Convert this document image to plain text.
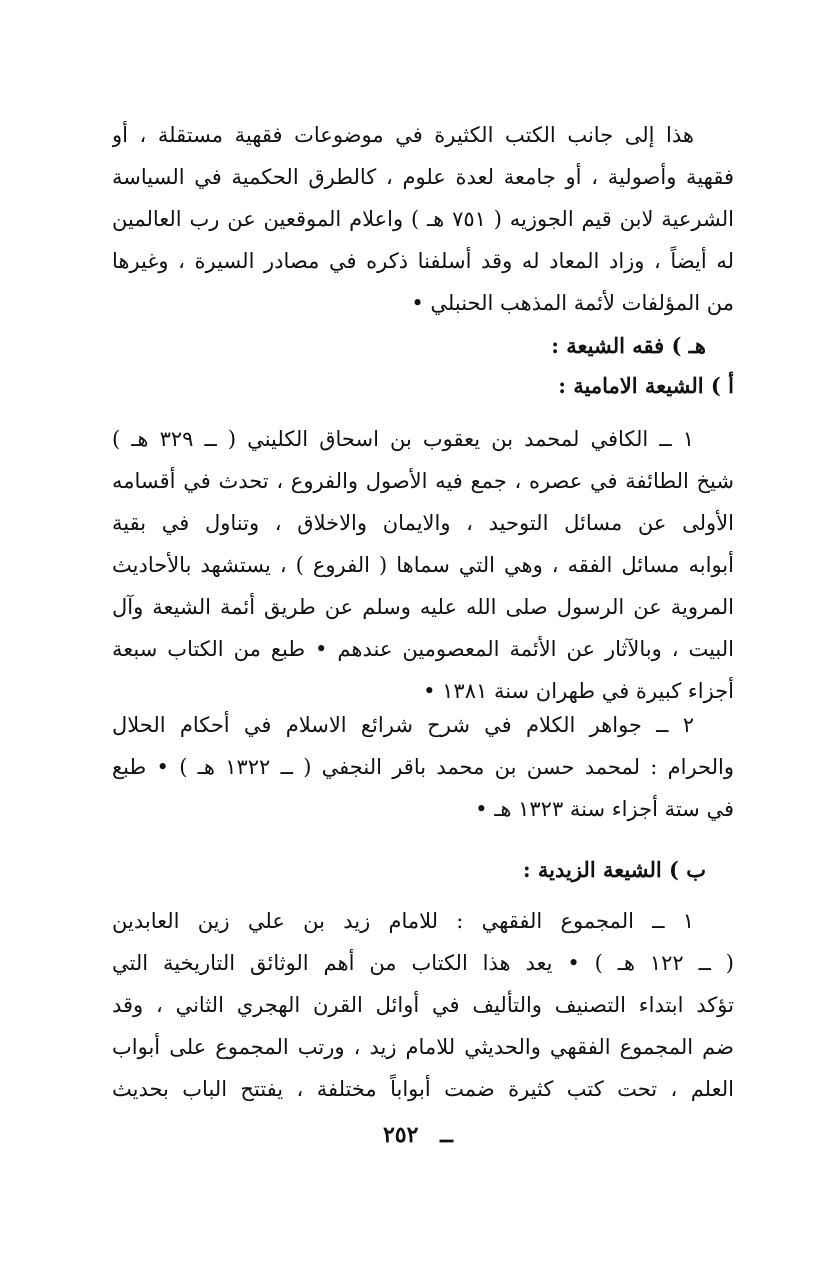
هذا إلى جانب الكتب الكثيرة في موضوعات فقهية مستقلة ، أو
فقهية وأصولية ، أو جامعة لعدة علوم ، كالطرق الحكمية في السياسة
الشرعية لابن قيم الجوزيه ( ٧٥١ هـ ) واعلام الموقعين عن رب العالمين
له أيضاً ، وزاد المعاد له وقد أسلفنا ذكره في مصادر السيرة ، وغيرها
من المؤلفات لأئمة المذهب الحنبلي •
هـ ) فقه الشيعة :
أ ) الشيعة الامامية :
١ ــ الكافي لمحمد بن يعقوب بن اسحاق الكليني ( ــ ٣٢٩ هـ )
شيخ الطائفة في عصره ، جمع فيه الأصول والفروع ، تحدث في أقسامه
الأولى عن مسائل التوحيد ، والايمان والاخلاق ، وتناول في بقية
أبوابه مسائل الفقه ، وهي التي سماها ( الفروع ) ، يستشهد بالأحاديث
المروية عن الرسول صلى الله عليه وسلم عن طريق أئمة الشيعة وآل
البيت ، وبالآثار عن الأئمة المعصومين عندهم • طبع من الكتاب سبعة
أجزاء كبيرة في طهران سنة ١٣٨١ •
٢ ــ جواهر الكلام في شرح شرائع الاسلام في أحكام الحلال
والحرام : لمحمد حسن بن محمد باقر النجفي ( ــ ١٣٢٢ هـ ) • طبع
في ستة أجزاء سنة ١٣٢٣ هـ •
ب ) الشيعة الزيدية :
١ ــ المجموع الفقهي : للامام زيد بن علي زين العابدين
( ــ ١٢٢ هـ ) • يعد هذا الكتاب من أهم الوثائق التاريخية التي
تؤكد ابتداء التصنيف والتأليف في أوائل القرن الهجري الثاني ، وقد
ضم المجموع الفقهي والحديثي للامام زيد ، ورتب المجموع على أبواب
العلم ، تحت كتب كثيرة ضمت أبواباً مختلفة ، يفتتح الباب بحديث
ــ ٢٥٢
